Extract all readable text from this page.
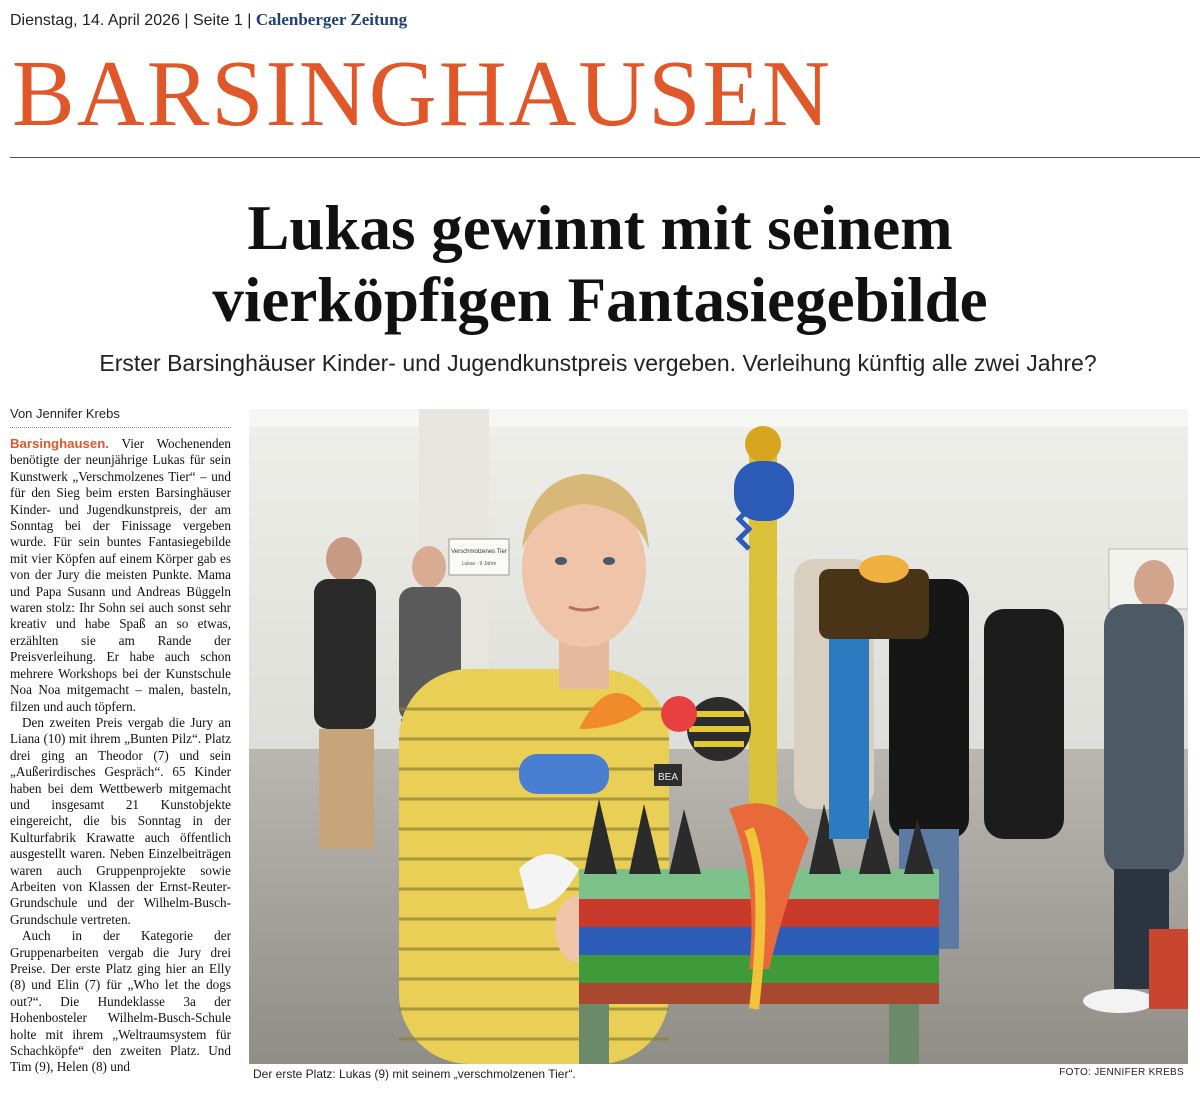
Dienstag, 14. April 2026 | Seite 1 | Calenberger Zeitung
BARSINGHAUSEN
Lukas gewinnt mit seinem
vierköpfigen Fantasiegebilde
Erster Barsinghäuser Kinder- und Jugendkunstpreis vergeben. Verleihung künftig alle zwei Jahre?
Von Jennifer Krebs

Barsinghausen. Vier Wochenenden benötigte der neunjährige Lukas für sein Kunstwerk „Verschmolzenes Tier“ – und für den Sieg beim ersten Barsinghäuser Kinder- und Jugendkunstpreis, der am Sonntag bei der Finissage vergeben wurde. Für sein buntes Fantasiegebilde mit vier Köpfen auf einem Körper gab es von der Jury die meisten Punkte. Mama und Papa Susann und Andreas Büggeln waren stolz: Ihr Sohn sei auch sonst sehr kreativ und habe Spaß an so etwas, erzählten sie am Rande der Preisverleihung. Er habe auch schon mehrere Workshops bei der Kunstschule Noa Noa mitgemacht – malen, basteln, filzen und auch töpfern.

Den zweiten Preis vergab die Jury an Liana (10) mit ihrem „Bunten Pilz“. Platz drei ging an Theodor (7) und sein „Außerirdisches Gespräch“. 65 Kinder haben bei dem Wettbewerb mitgemacht und insgesamt 21 Kunstobjekte eingereicht, die bis Sonntag in der Kulturfabrik Krawatte auch öffentlich ausgestellt waren. Neben Einzelbeiträgen waren auch Gruppenprojekte sowie Arbeiten von Klassen der Ernst-Reuter-Grundschule und der Wilhelm-Busch-Grundschule vertreten.

Auch in der Kategorie der Gruppenarbeiten vergab die Jury drei Preise. Der erste Platz ging hier an Elly (8) und Elin (7) für „Who let the dogs out?“. Die Hundeklasse 3a der Hohenbosteler Wilhelm-Busch-Schule holte mit ihrem „Weltraumsystem für Schachköpfe“ den zweiten Platz. Und Tim (9), Helen (8) und

Verschmolzenes Tier
Lukas · 9 Jahre
BEA
Der erste Platz: Lukas (9) mit seinem „verschmolzenen Tier“.	FOTO: JENNIFER KREBS
